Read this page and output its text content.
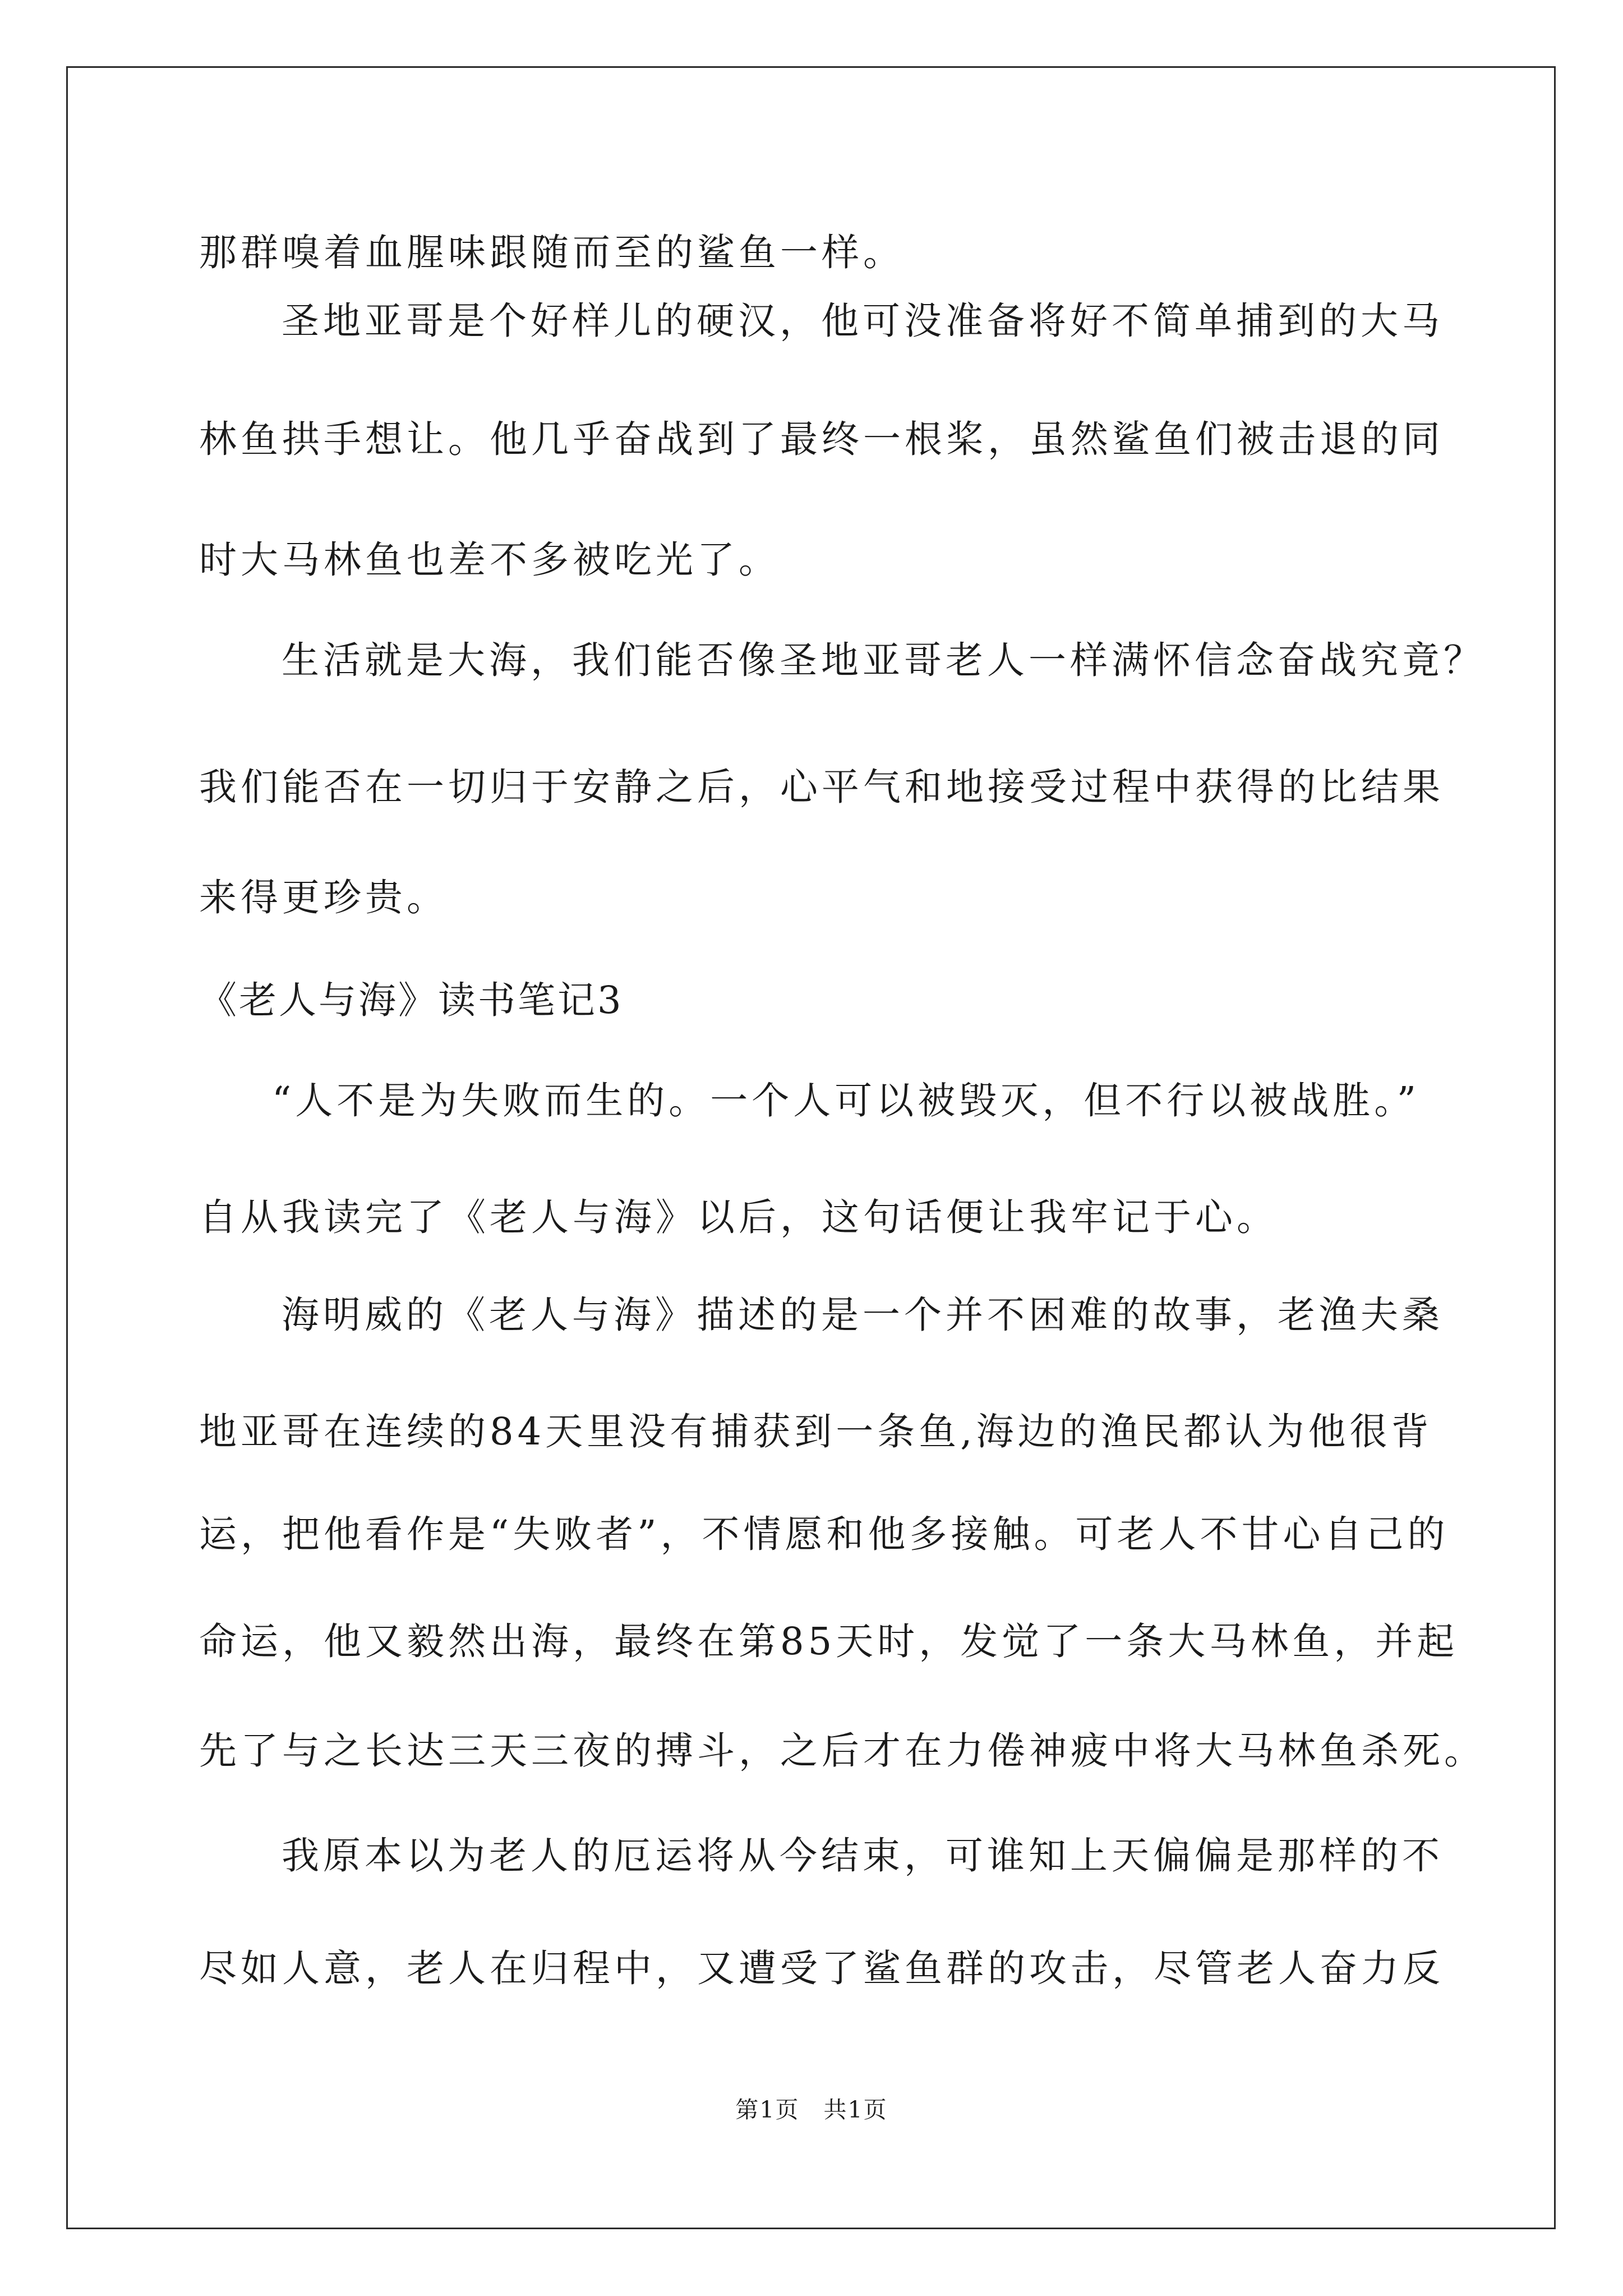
那群嗅着血腥味跟随而至的鲨鱼一样。
圣地亚哥是个好样儿的硬汉，他可没准备将好不简单捕到的大马
林鱼拱手想让。他几乎奋战到了最终一根桨，虽然鲨鱼们被击退的同
时大马林鱼也差不多被吃光了。
生活就是大海，我们能否像圣地亚哥老人一样满怀信念奋战究竟？
我们能否在一切归于安静之后，心平气和地接受过程中获得的比结果
来得更珍贵。
《老人与海》读书笔记3
“人不是为失败而生的。一个人可以被毁灭，但不行以被战胜。”
自从我读完了《老人与海》以后，这句话便让我牢记于心。
海明威的《老人与海》描述的是一个并不困难的故事，老渔夫桑
地亚哥在连续的84天里没有捕获到一条鱼,海边的渔民都认为他很背
运，把他看作是“失败者”，不情愿和他多接触。可老人不甘心自己的
命运，他又毅然出海，最终在第85天时，发觉了一条大马林鱼，并起
先了与之长达三天三夜的搏斗，之后才在力倦神疲中将大马林鱼杀死。
我原本以为老人的厄运将从今结束，可谁知上天偏偏是那样的不
尽如人意，老人在归程中，又遭受了鲨鱼群的攻击，尽管老人奋力反
第1页　共1页
